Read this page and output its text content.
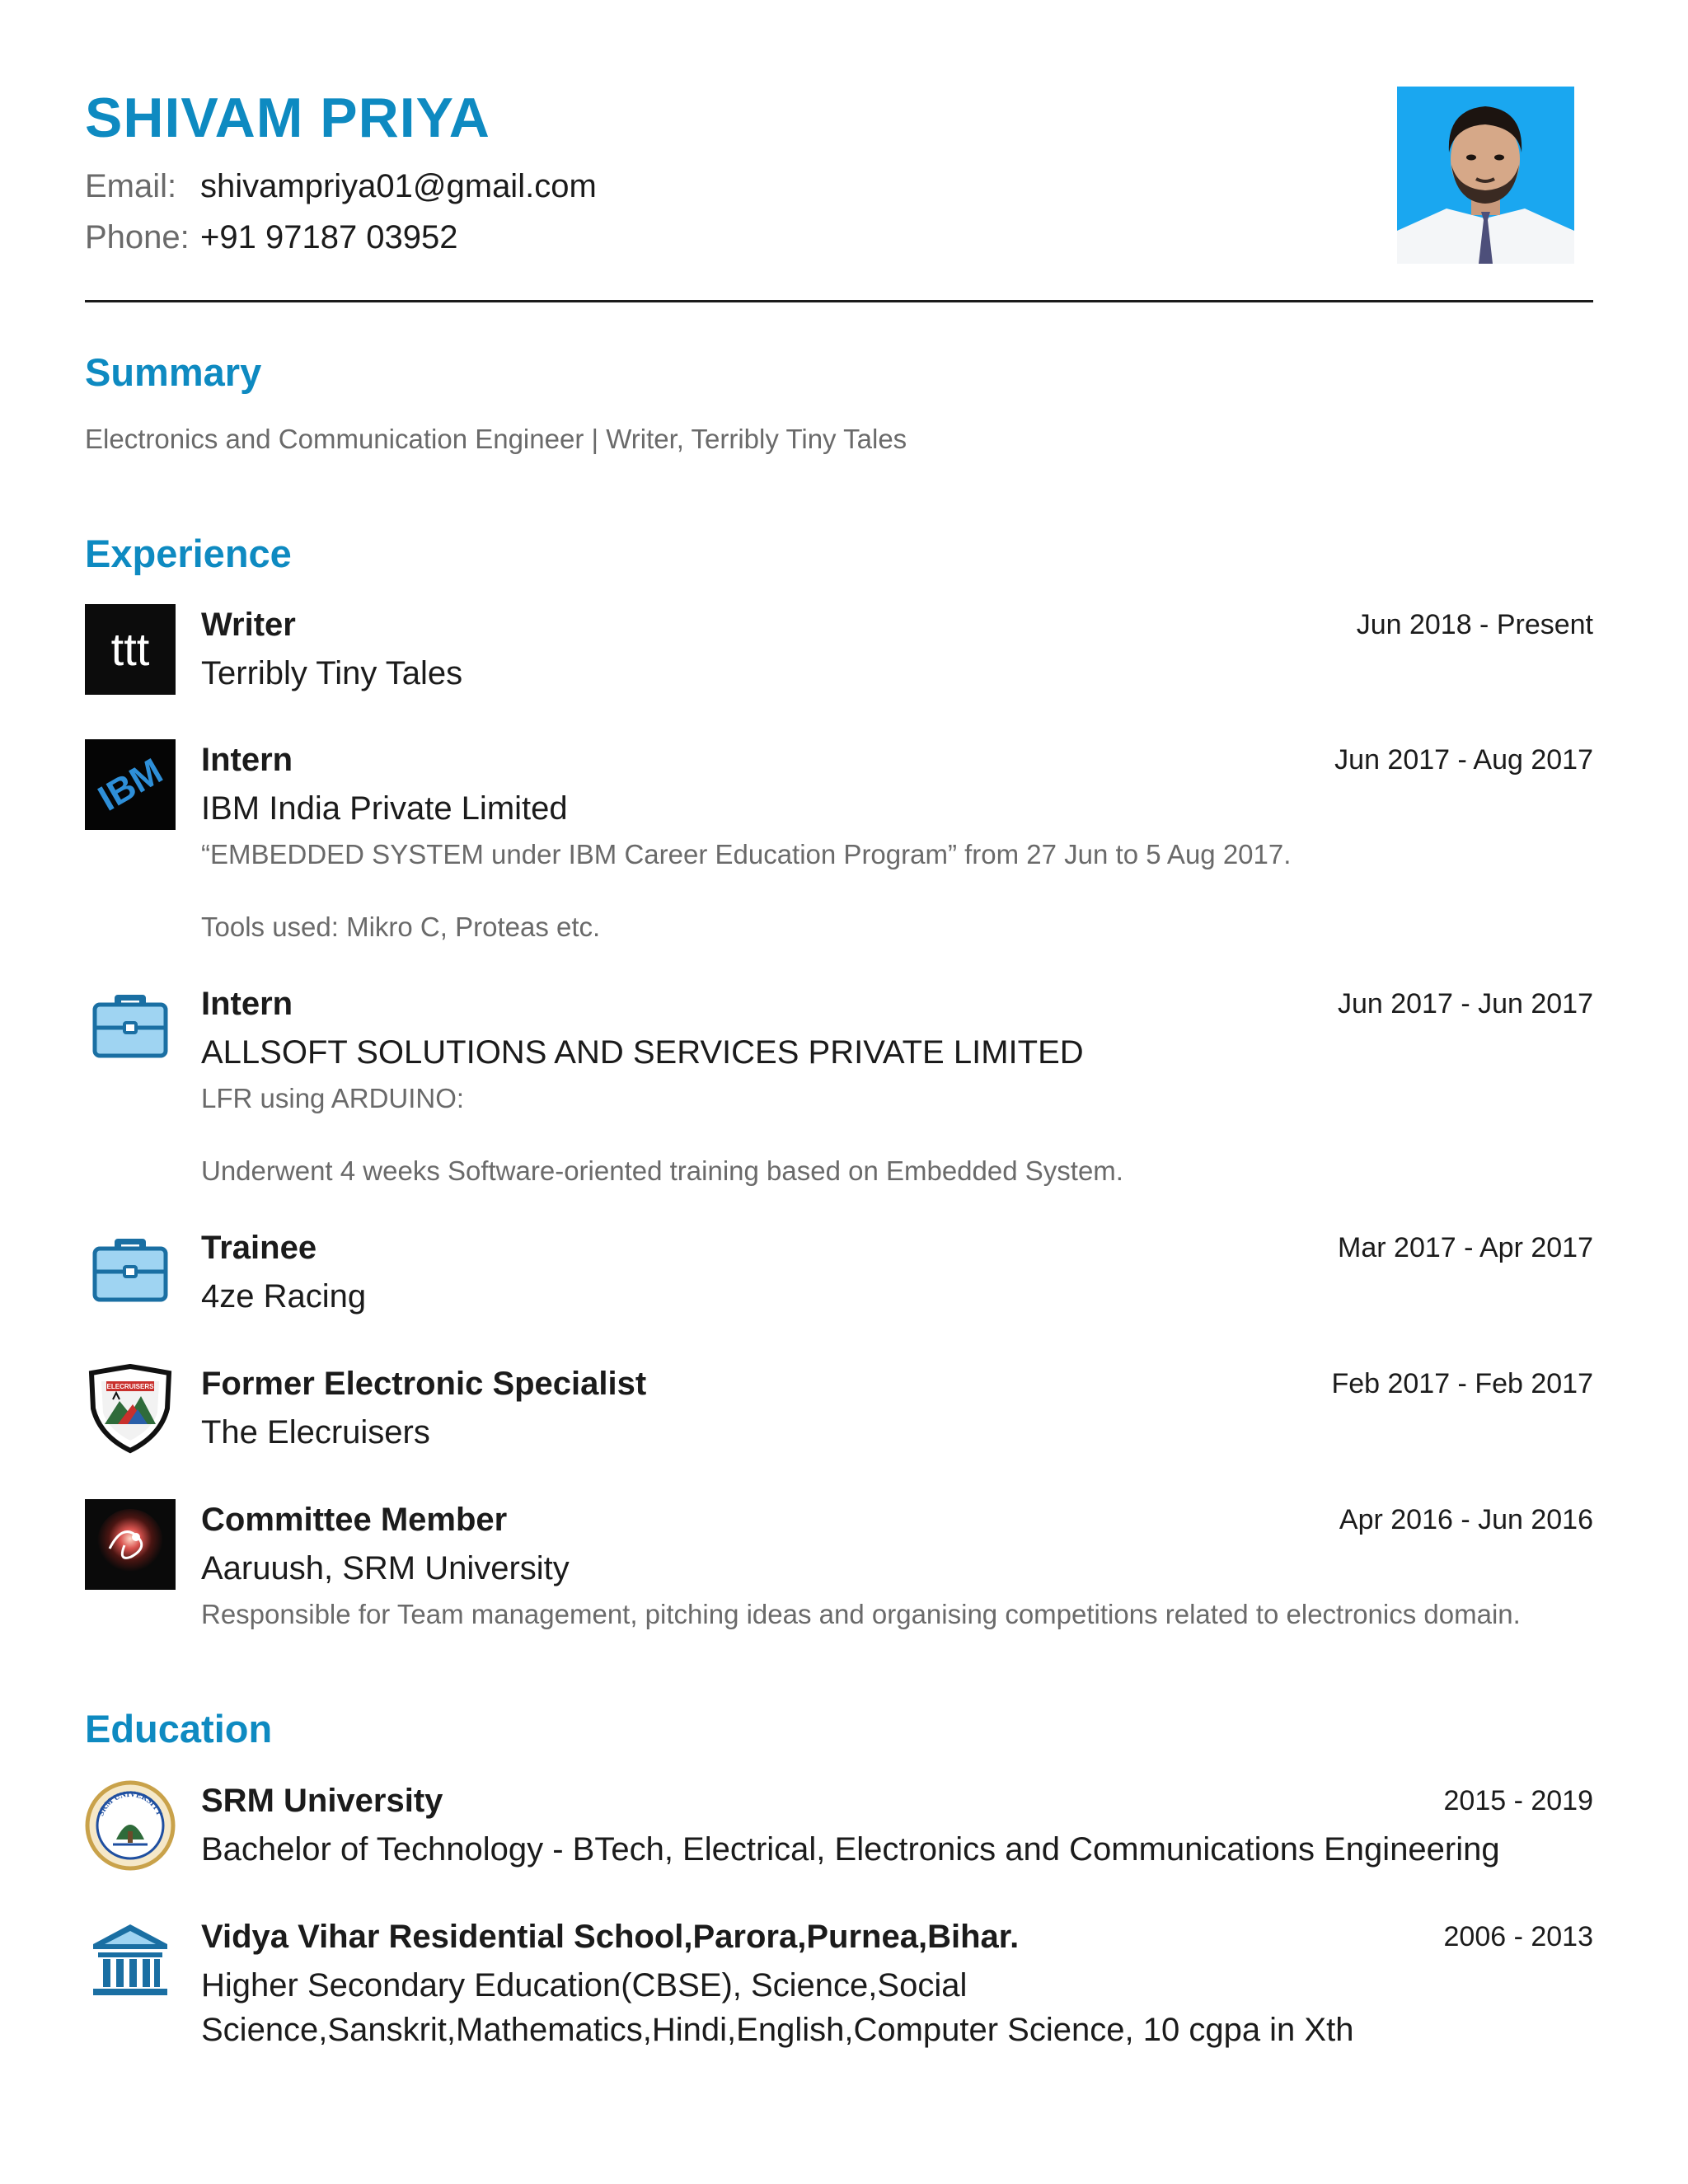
SHIVAM PRIYA
Email: shivampriya01@gmail.com
Phone: +91 97187 03952
Summary
Electronics and Communication Engineer | Writer, Terribly Tiny Tales
Experience
ttt Writer	Jun 2018 - Present
Terribly Tiny Tales
IBM Intern	Jun 2017 - Aug 2017
IBM India Private Limited
“EMBEDDED SYSTEM under IBM Career Education Program” from 27 Jun to 5 Aug 2017.
Tools used: Mikro C, Proteas etc.
Intern	Jun 2017 - Jun 2017
ALLSOFT SOLUTIONS AND SERVICES PRIVATE LIMITED
LFR using ARDUINO:
Underwent 4 weeks Software-oriented training based on Embedded System.
Trainee	Mar 2017 - Apr 2017
4ze Racing
ELECRUISERS Former Electronic Specialist	Feb 2017 - Feb 2017
The Elecruisers
Committee Member	Apr 2016 - Jun 2016
Aaruush, SRM University
Responsible for Team management, pitching ideas and organising competitions related to electronics domain.
Education
SRM UNIVERSITY SRM University	2015 - 2019
Bachelor of Technology - BTech, Electrical, Electronics and Communications Engineering
Vidya Vihar Residential School,Parora,Purnea,Bihar.	2006 - 2013
Higher Secondary Education(CBSE), Science,Social Science,Sanskrit,Mathematics,Hindi,English,Computer Science, 10 cgpa in Xth
